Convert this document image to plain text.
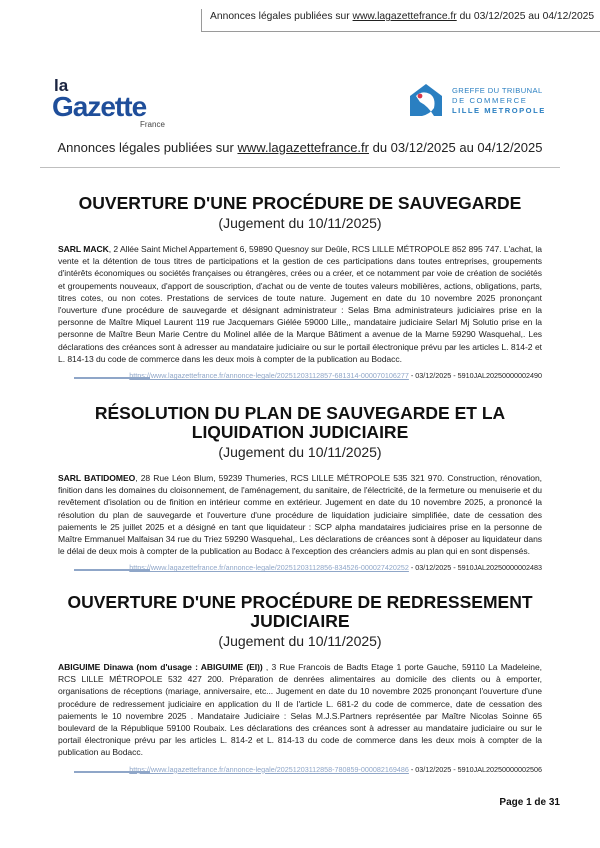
Annonces légales publiées sur www.lagazettefrance.fr du 03/12/2025 au 04/12/2025
la
Gazette
France
GREFFE DU TRIBUNAL
DE COMMERCE
LILLE METROPOLE
Annonces légales publiées sur www.lagazettefrance.fr du 03/12/2025 au 04/12/2025
OUVERTURE D'UNE PROCÉDURE DE SAUVEGARDE
(Jugement du 10/11/2025)
SARL MACK, 2 Allée Saint Michel Appartement 6, 59890 Quesnoy sur Deûle, RCS LILLE MÉTROPOLE 852 895 747. L'achat, la vente et la détention de tous titres de participations et la gestion de ces participations dans toutes entreprises, groupements d'intérêts économiques ou sociétés françaises ou étrangères, crées ou a créer, et ce notamment par voie de création de sociétés et groupements nouveaux, d'apport de souscription, d'achat ou de vente de toutes valeurs mobilières, actions, obligations, parts, titres cotes, ou non cotes. Prestations de services de toute nature. Jugement en date du 10 novembre 2025 prononçant l'ouverture d'une procédure de sauvegarde et désignant administrateur : Selas Bma administrateurs judiciaires prise en la personne de Maître Miquel Laurent 119 rue Jacquemars Giélée 59000 Lille,, mandataire judiciaire Selarl Mj Solutio prise en la personne de Maître Beun Marie Centre du Molinel allée de la Marque Bâtiment a avenue de la Marne 59290 Wasquehal,. Les déclarations des créances sont à adresser au mandataire judiciaire ou sur le portail électronique prévu par les articles L. 814-2 et L. 814-13 du code de commerce dans les deux mois à compter de la publication au Bodacc.
https://www.lagazettefrance.fr/annonce-legale/20251203112857-681314-000070106277 - 03/12/2025 - 5910JAL20250000002490
RÉSOLUTION DU PLAN DE SAUVEGARDE ET LA LIQUIDATION JUDICIAIRE
(Jugement du 10/11/2025)
SARL BATIDOMEO, 28 Rue Léon Blum, 59239 Thumeries, RCS LILLE MÉTROPOLE 535 321 970. Construction, rénovation, finition dans les domaines du cloisonnement, de l'aménagement, du sanitaire, de l'électricité, de la fermeture ou menuiserie et du revêtement d'isolation ou de finition en intérieur comme en extérieur. Jugement en date du 10 novembre 2025, a prononcé la résolution du plan de sauvegarde et l'ouverture d'une procédure de liquidation judiciaire simplifiée, date de cessation des paiements le 25 juillet 2025 et a désigné en tant que liquidateur : SCP alpha mandataires judiciaires prise en la personne de Maître Emmanuel Malfaisan 34 rue du Triez 59290 Wasquehal,. Les déclarations de créances sont à déposer au liquidateur dans le délai de deux mois à compter de la publication au Bodacc à l'exception des créanciers admis au plan qui en sont dispensés.
https://www.lagazettefrance.fr/annonce-legale/20251203112856-834526-000027420252 - 03/12/2025 - 5910JAL20250000002483
OUVERTURE D'UNE PROCÉDURE DE REDRESSEMENT JUDICIAIRE
(Jugement du 10/11/2025)
ABIGUIME Dinawa (nom d'usage : ABIGUIME (EI)) , 3 Rue Francois de Badts Etage 1 porte Gauche, 59110 La Madeleine, RCS LILLE MÉTROPOLE 532 427 200. Préparation de denrées alimentaires au domicile des clients ou à emporter, organisations de réceptions (mariage, anniversaire, etc... Jugement en date du 10 novembre 2025 prononçant l'ouverture d'une procédure de redressement judiciaire en application du II de l'article L. 681-2 du code de commerce, date de cessation des paiements le 10 novembre 2025 . Mandataire Judiciaire : Selas M.J.S.Partners représentée par Maître Nicolas Soinne 65 boulevard de la République 59100 Roubaix. Les déclarations des créances sont à adresser au mandataire judiciaire ou sur le portail électronique prévu par les articles L. 814-2 et L. 814-13 du code de commerce dans les deux mois à compter de la publication au Bodacc.
https://www.lagazettefrance.fr/annonce-legale/20251203112858-780859-000082169486 - 03/12/2025 - 5910JAL20250000002506
Page 1 de 31
